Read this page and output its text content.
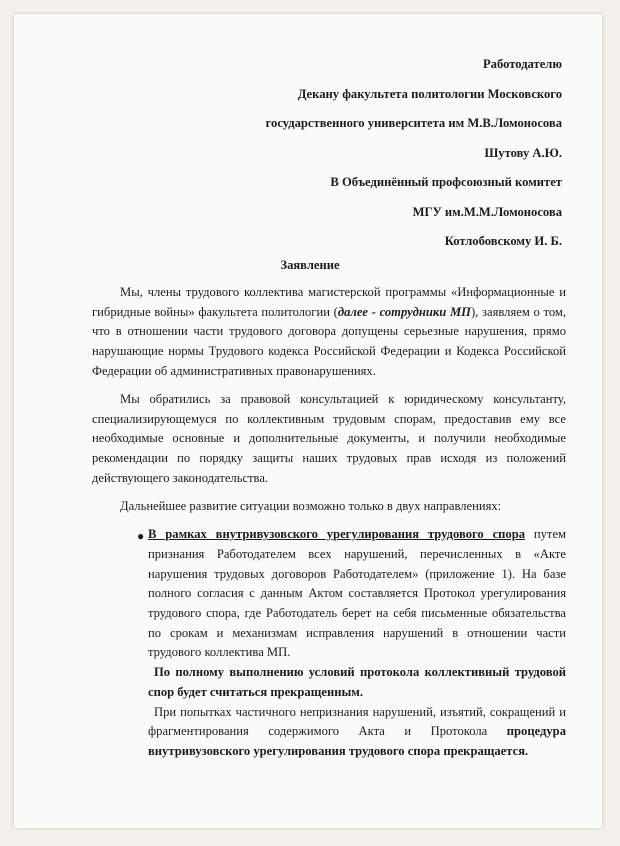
Работодателю
Декану факультета политологии Московского
государственного университета им М.В.Ломоносова
Шутову А.Ю.
В Объединённый профсоюзный комитет
МГУ им.М.М.Ломоносова
Котлобовскому И. Б.
Заявление

Мы, члены трудового коллектива магистерской программы «Информационные и гибридные войны» факультета политологии (далее - сотрудники МП), заявляем о том, что в отношении части трудового договора допущены серьезные нарушения, прямо нарушающие нормы Трудового кодекса Российской Федерации и Кодекса Российской Федерации об административных правонарушениях.

Мы обратились за правовой консультацией к юридическому консультанту, специализирующемуся по коллективным трудовым спорам, предоставив ему все необходимые основные и дополнительные документы, и получили необходимые рекомендации по порядку защиты наших трудовых прав исходя из положений действующего законодательства.

Дальнейшее развитие ситуации возможно только в двух направлениях:

● В рамках внутривузовского урегулирования трудового спора путем признания Работодателем всех нарушений, перечисленных в «Акте нарушения трудовых договоров Работодателем» (приложение 1). На базе полного согласия с данным Актом составляется Протокол урегулирования трудового спора, где Работодатель берет на себя письменные обязательства по срокам и механизмам исправления нарушений в отношении части трудового коллектива МП.
По полному выполнению условий протокола коллективный трудовой спор будет считаться прекращенным.
При попытках частичного непризнания нарушений, изъятий, сокращений и фрагментирования содержимого Акта и Протокола процедура внутривузовского урегулирования трудового спора прекращается.
